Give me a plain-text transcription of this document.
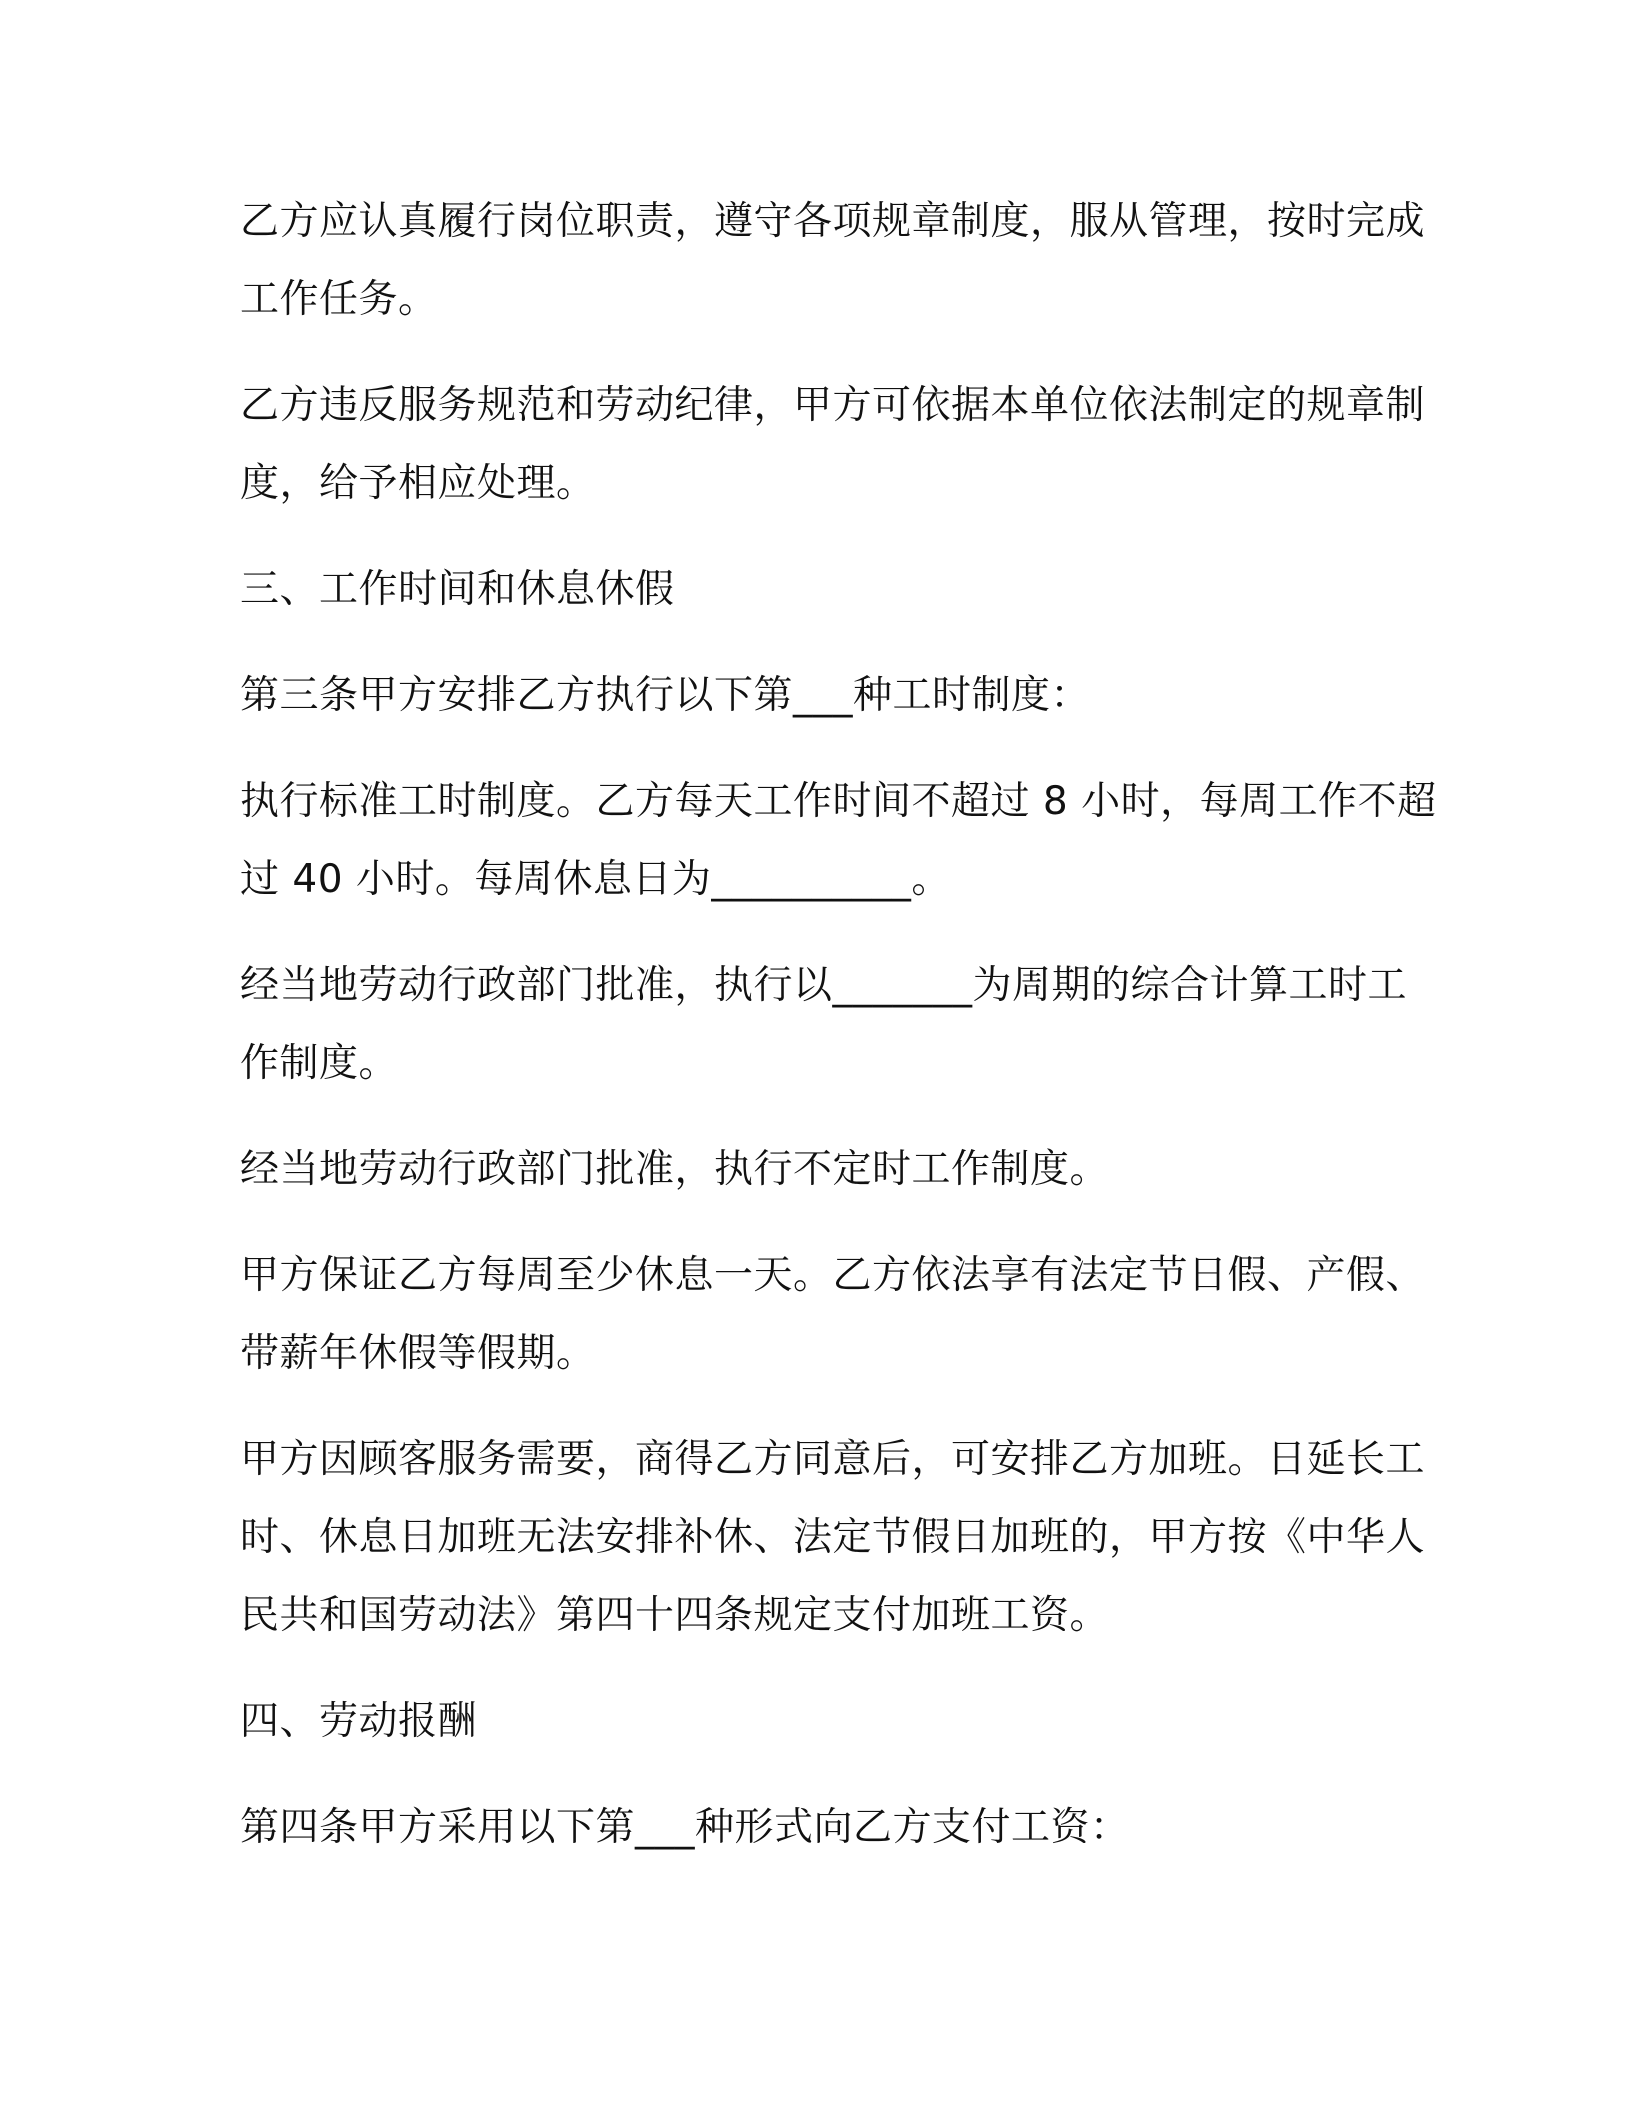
乙方应认真履行岗位职责，遵守各项规章制度，服从管理，按时完成
工作任务。

乙方违反服务规范和劳动纪律，甲方可依据本单位依法制定的规章制
度，给予相应处理。

三、工作时间和休息休假

第三条甲方安排乙方执行以下第___种工时制度：

执行标准工时制度。乙方每天工作时间不超过 8 小时，每周工作不超
过 40 小时。每周休息日为__________。

经当地劳动行政部门批准，执行以_______为周期的综合计算工时工
作制度。

经当地劳动行政部门批准，执行不定时工作制度。

甲方保证乙方每周至少休息一天。乙方依法享有法定节日假、产假、
带薪年休假等假期。

甲方因顾客服务需要，商得乙方同意后，可安排乙方加班。日延长工
时、休息日加班无法安排补休、法定节假日加班的，甲方按《中华人
民共和国劳动法》第四十四条规定支付加班工资。

四、劳动报酬

第四条甲方采用以下第___种形式向乙方支付工资：
